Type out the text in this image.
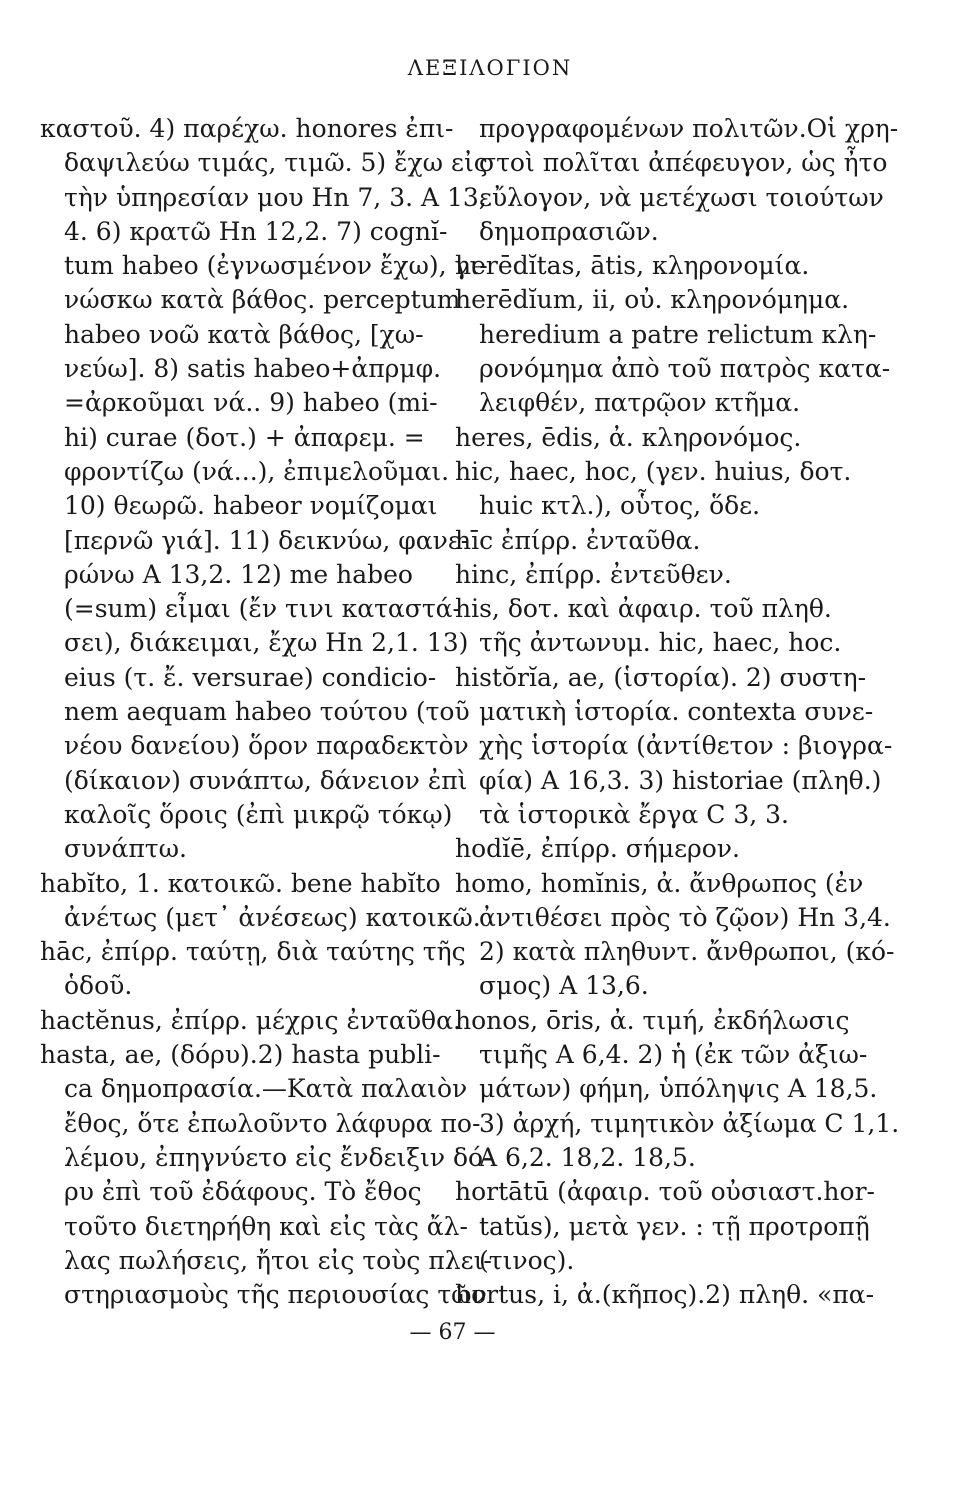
ΛΕΞΙΛΟΓΙΟΝ
καστοῦ. 4) παρέχω. honores ἐπι-
δαψιλεύω τιμάς, τιμῶ. 5) ἔχω εἰς
τὴν ὑπηρεσίαν μου Hn 7, 3. A 13,
4. 6) κρατῶ Hn 12,2. 7) cognĭ-
tum habeo (ἐγνωσμένον ἔχω), γι-
νώσκω κατὰ βάθος. perceptum
habeo νοῶ κατὰ βάθος, [χω-
νεύω]. 8) satis habeo+ἀπρμφ.
=ἀρκοῦμαι νά.. 9) habeo (mi-
hi) curae (δοτ.) + ἀπαρεμ. =
φροντίζω (νά...), ἐπιμελοῦμαι.
10) θεωρῶ. habeor νομίζομαι
[περνῶ γιά]. 11) δεικνύω, φανε-
ρώνω A 13,2. 12) me habeo
(=sum) εἶμαι (ἔν τινι καταστά-
σει), διάκειμαι, ἔχω Hn 2,1. 13)
eius (τ. ἔ. versurae) condicio-
nem aequam habeo τούτου (τοῦ
νέου δανείου) ὅρον παραδεκτὸν
(δίκαιον) συνάπτω, δάνειον ἐπὶ
καλοῖς ὅροις (ἐπὶ μικρῷ τόκῳ)
συνάπτω.
habĭto, 1. κατοικῶ. bene habĭto
ἀνέτως (μετ᾿ ἀνέσεως) κατοικῶ.
hāc, ἐπίρρ. ταύτῃ, διὰ ταύτης τῆς
ὁδοῦ.
hactĕnus, ἐπίρρ. μέχρις ἐνταῦθα.
hasta, ae, (δόρυ).2) hasta publi-
ca δημοπρασία.—Κατὰ παλαιὸν
ἔθος, ὅτε ἐπωλοῦντο λάφυρα πο-
λέμου, ἐπηγνύετο εἰς ἔνδειξιν δό-
ρυ ἐπὶ τοῦ ἐδάφους. Τὸ ἔθος
τοῦτο διετηρήθη καὶ εἰς τὰς ἄλ-
λας πωλήσεις, ἤτοι εἰς τοὺς πλει-
στηριασμοὺς τῆς περιουσίας τῶν
προγραφομένων πολιτῶν.Οἱ χρη-
στοὶ πολῖται ἀπέφευγον, ὡς ἦτο
εὔλογον, νὰ μετέχωσι τοιούτων
δημοπρασιῶν.
herēdĭtas, ātis, κληρονομία.
herēdĭum, ii, οὐ. κληρονόμημα.
heredium a patre relictum κλη-
ρονόμημα ἀπὸ τοῦ πατρὸς κατα-
λειφθέν, πατρῷον κτῆμα.
heres, ēdis, ἀ. κληρονόμος.
hic, haec, hoc, (γεν. huius, δοτ.
huic κτλ.), οὗτος, ὅδε.
hīc ἐπίρρ. ἐνταῦθα.
hinc, ἐπίρρ. ἐντεῦθεν.
his, δοτ. καὶ ἀφαιρ. τοῦ πληθ.
τῆς ἀντωνυμ. hic, haec, hoc.
histŏrĭa, ae, (ἱστορία). 2) συστη-
ματικὴ ἱστορία. contexta συνε-
χὴς ἱστορία (ἀντίθετον : βιογρα-
φία) A 16,3. 3) historiae (πληθ.)
τὰ ἱστορικὰ ἔργα C 3, 3.
hodĭē, ἐπίρρ. σήμερον.
homo, homĭnis, ἀ. ἄνθρωπος (ἐν
ἀντιθέσει πρὸς τὸ ζῷον) Hn 3,4.
2) κατὰ πληθυντ. ἄνθρωποι, (κό-
σμος) A 13,6.
honos, ōris, ἀ. τιμή, ἐκδήλωσις
τιμῆς A 6,4. 2) ἡ (ἐκ τῶν ἀξιω-
μάτων) φήμη, ὑπόληψις A 18,5.
3) ἀρχή, τιμητικὸν ἀξίωμα C 1,1.
A 6,2. 18,2. 18,5.
hortātū (ἀφαιρ. τοῦ οὐσιαστ.hor-
tatŭs), μετὰ γεν. : τῇ προτροπῇ
(τινος).
hortus, i, ἀ.(κῆπος).2) πληθ. «πα-
— 67 —
